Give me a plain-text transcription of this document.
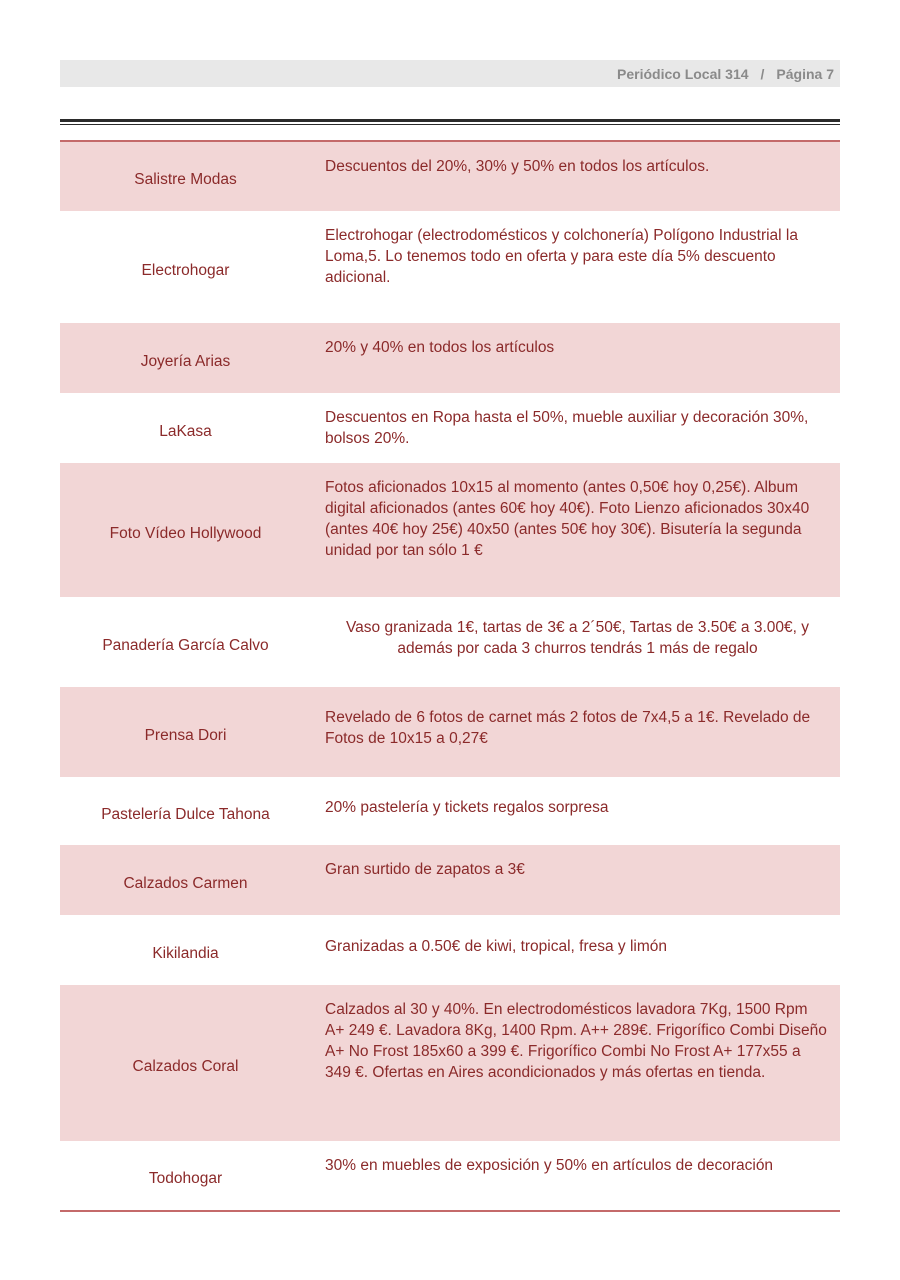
Periódico Local 314 / Página 7
Salistre Modas	Descuentos del 20%, 30% y 50% en todos los artículos.
Electrohogar	Electrohogar (electrodomésticos y colchonería) Polígono Industrial la Loma,5. Lo tenemos todo en oferta y para este día 5% descuento adicional.
Joyería Arias	20% y 40% en todos los artículos
LaKasa	Descuentos en Ropa hasta el 50%, mueble auxiliar y decoración 30%, bolsos 20%.
Foto Vídeo Hollywood	Fotos aficionados 10x15 al momento (antes 0,50€ hoy 0,25€). Album digital aficionados (antes 60€ hoy 40€). Foto Lienzo aficionados 30x40 (antes 40€ hoy 25€) 40x50 (antes 50€ hoy 30€). Bisutería la segunda unidad por tan sólo 1 €
Panadería García Calvo	Vaso granizada 1€, tartas de 3€ a 2´50€, Tartas de 3.50€ a 3.00€, y además por cada 3 churros tendrás 1 más de regalo
Prensa Dori	Revelado de 6 fotos de carnet más 2 fotos de 7x4,5 a 1€. Revelado de Fotos de 10x15 a 0,27€
Pastelería Dulce Tahona	20% pastelería y tickets regalos sorpresa
Calzados Carmen	Gran surtido de zapatos a 3€
Kikilandia	Granizadas a 0.50€ de kiwi, tropical, fresa y limón
Calzados Coral	Calzados al 30 y 40%. En electrodomésticos lavadora 7Kg, 1500 Rpm A+ 249 €. Lavadora 8Kg, 1400 Rpm. A++ 289€. Frigorífico Combi Diseño A+ No Frost 185x60 a 399 €. Frigorífico Combi No Frost A+ 177x55 a 349 €. Ofertas en Aires acondicionados y más ofertas en tienda.
Todohogar	30% en muebles de exposición y 50% en artículos de decoración
